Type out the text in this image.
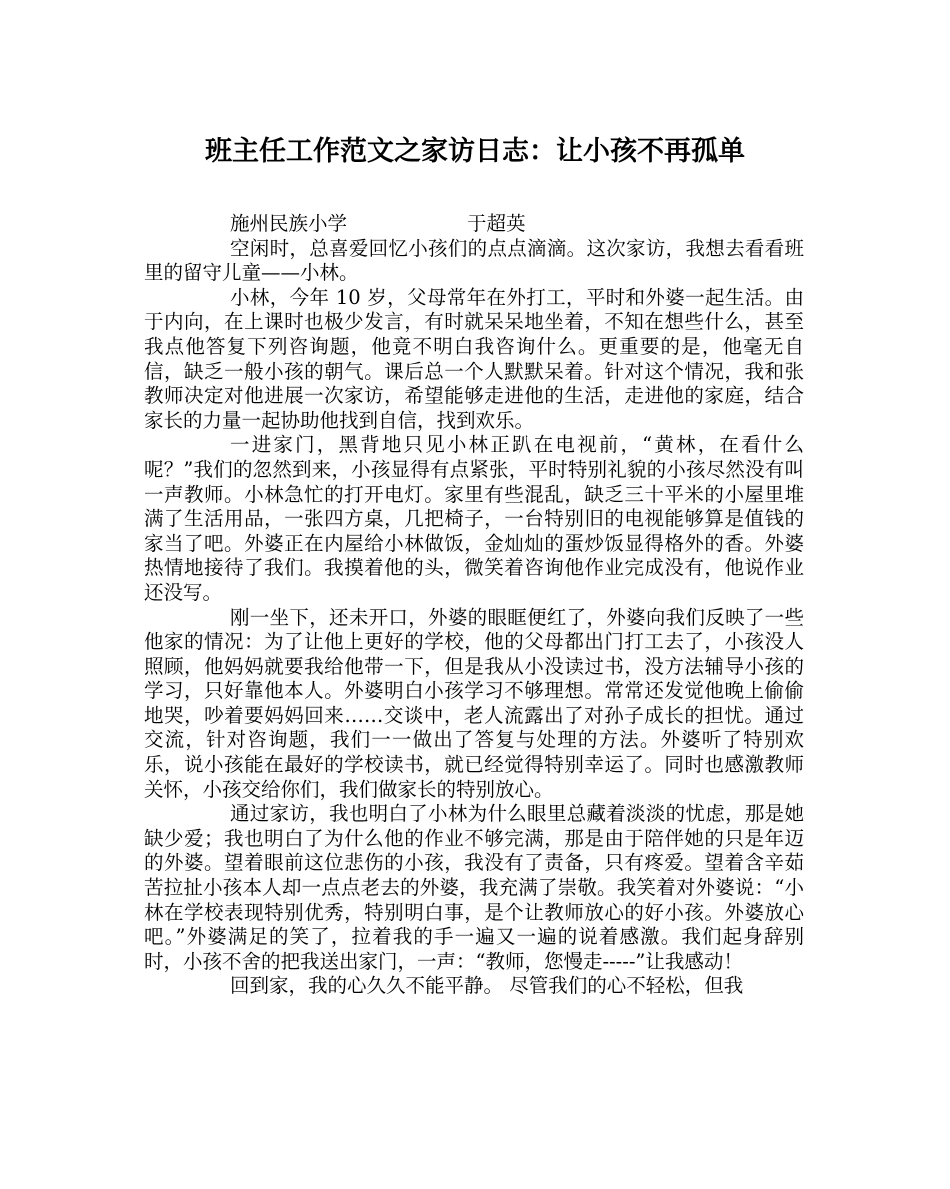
班主任工作范文之家访日志：让小孩不再孤单

施州民族小学	于超英

空闲时，总喜爱回忆小孩们的点点滴滴。这次家访，我想去看看班里的留守儿童——小林。

小林，今年 10 岁，父母常年在外打工，平时和外婆一起生活。由于内向，在上课时也极少发言，有时就呆呆地坐着，不知在想些什么，甚至我点他答复下列咨询题，他竟不明白我咨询什么。更重要的是，他毫无自信，缺乏一般小孩的朝气。课后总一个人默默呆着。针对这个情况，我和张教师决定对他进展一次家访，希望能够走进他的生活，走进他的家庭，结合家长的力量一起协助他找到自信，找到欢乐。

一进家门，黑背地只见小林正趴在电视前，“黄林，在看什么呢？”我们的忽然到来，小孩显得有点紧张，平时特别礼貌的小孩尽然没有叫一声教师。小林急忙的打开电灯。家里有些混乱，缺乏三十平米的小屋里堆满了生活用品，一张四方桌，几把椅子，一台特别旧的电视能够算是值钱的家当了吧。外婆正在内屋给小林做饭，金灿灿的蛋炒饭显得格外的香。外婆热情地接待了我们。我摸着他的头，微笑着咨询他作业完成没有，他说作业还没写。

刚一坐下，还未开口，外婆的眼眶便红了，外婆向我们反映了一些他家的情况：为了让他上更好的学校，他的父母都出门打工去了，小孩没人照顾，他妈妈就要我给他带一下，但是我从小没读过书，没方法辅导小孩的学习，只好靠他本人。外婆明白小孩学习不够理想。常常还发觉他晚上偷偷地哭，吵着要妈妈回来……交谈中，老人流露出了对孙子成长的担忧。通过交流，针对咨询题，我们一一做出了答复与处理的方法。外婆听了特别欢乐，说小孩能在最好的学校读书，就已经觉得特别幸运了。同时也感激教师关怀，小孩交给你们，我们做家长的特别放心。

通过家访，我也明白了小林为什么眼里总藏着淡淡的忧虑，那是她缺少爱；我也明白了为什么他的作业不够完满，那是由于陪伴她的只是年迈的外婆。望着眼前这位悲伤的小孩，我没有了责备，只有疼爱。望着含辛茹苦拉扯小孩本人却一点点老去的外婆，我充满了崇敬。我笑着对外婆说：“小林在学校表现特别优秀，特别明白事，是个让教师放心的好小孩。外婆放心吧。”外婆满足的笑了，拉着我的手一遍又一遍的说着感激。我们起身辞别时，小孩不舍的把我送出家门，一声：“教师，您慢走-----”让我感动！

回到家，我的心久久不能平静。 尽管我们的心不轻松，但我
